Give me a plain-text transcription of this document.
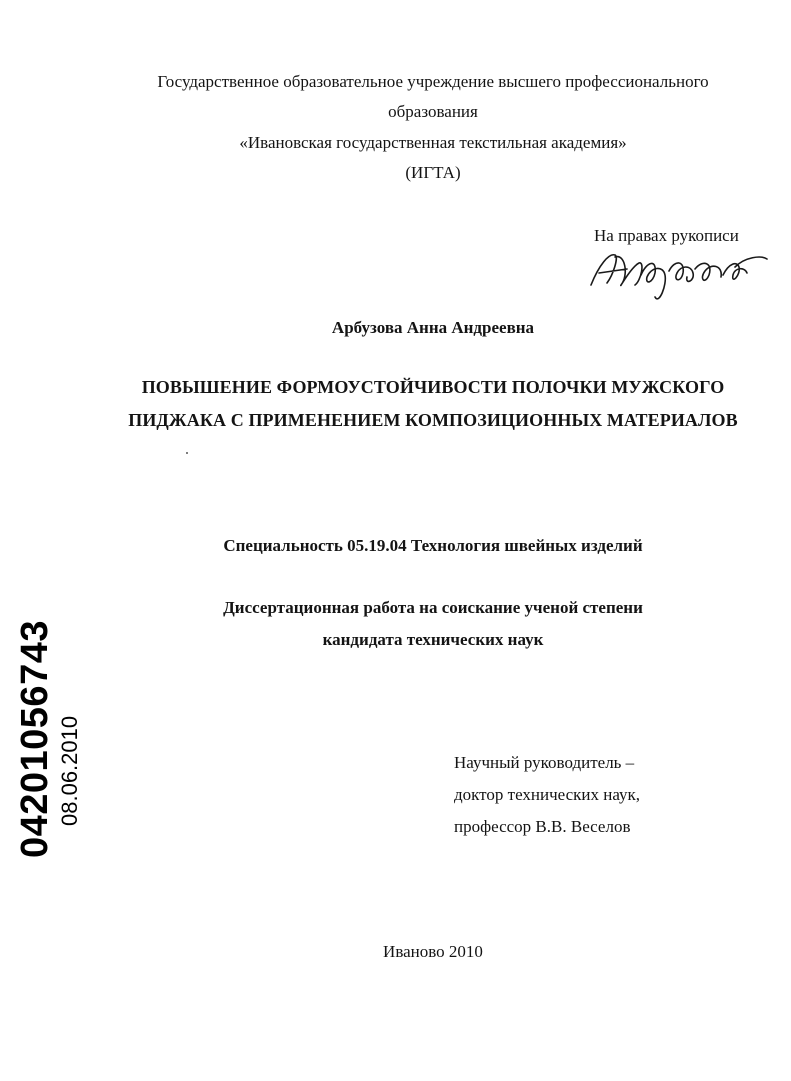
Государственное образовательное учреждение высшего профессионального
образования
«Ивановская государственная текстильная академия»
(ИГТА)
На правах рукописи
Арбузова Анна Андреевна
ПОВЫШЕНИЕ ФОРМОУСТОЙЧИВОСТИ ПОЛОЧКИ МУЖСКОГО
ПИДЖАКА С ПРИМЕНЕНИЕМ КОМПОЗИЦИОННЫХ МАТЕРИАЛОВ
Специальность 05.19.04 Технология швейных изделий
Диссертационная работа на соискание ученой степени
кандидата технических наук
Научный руководитель –
доктор технических наук,
профессор В.В. Веселов
Иваново 2010
04201056743 08.06.2010
